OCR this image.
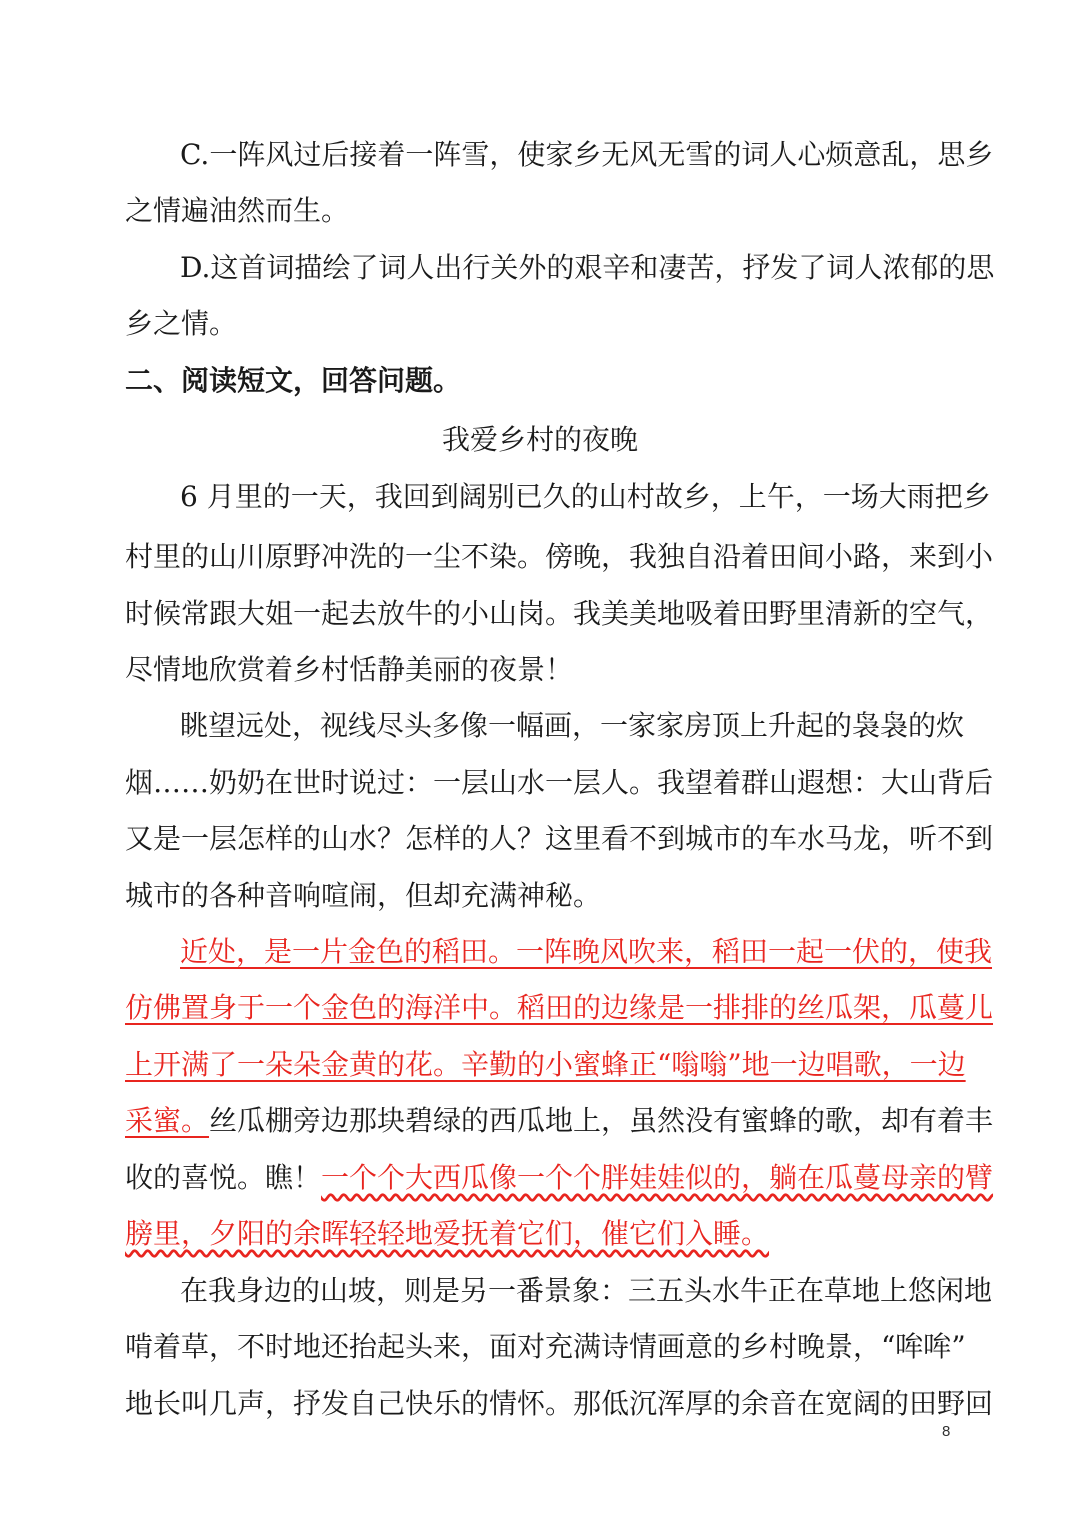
C.一阵风过后接着一阵雪，使家乡无风无雪的词人心烦意乱，思乡
之情遍油然而生。
D.这首词描绘了词人出行关外的艰辛和凄苦，抒发了词人浓郁的思
乡之情。
二、阅读短文，回答问题。
我爱乡村的夜晚
6 月里的一天，我回到阔别已久的山村故乡，上午，一场大雨把乡
村里的山川原野冲洗的一尘不染。傍晚，我独自沿着田间小路，来到小
时候常跟大姐一起去放牛的小山岗。我美美地吸着田野里清新的空气，
尽情地欣赏着乡村恬静美丽的夜景！
眺望远处，视线尽头多像一幅画，一家家房顶上升起的袅袅的炊
烟……奶奶在世时说过：一层山水一层人。我望着群山遐想：大山背后
又是一层怎样的山水？怎样的人？这里看不到城市的车水马龙，听不到
城市的各种音响喧闹，但却充满神秘。
近处，是一片金色的稻田。一阵晚风吹来，稻田一起一伏的，使我
仿佛置身于一个金色的海洋中。稻田的边缘是一排排的丝瓜架，瓜蔓儿
上开满了一朵朵金黄的花。辛勤的小蜜蜂正“嗡嗡”地一边唱歌，一边
采蜜。丝瓜棚旁边那块碧绿的西瓜地上，虽然没有蜜蜂的歌，却有着丰
收的喜悦。瞧！一个个大西瓜像一个个胖娃娃似的，躺在瓜蔓母亲的臂
膀里，夕阳的余晖轻轻地爱抚着它们，催它们入睡。
在我身边的山坡，则是另一番景象：三五头水牛正在草地上悠闲地
啃着草，不时地还抬起头来，面对充满诗情画意的乡村晚景，“哞哞”
地长叫几声，抒发自己快乐的情怀。那低沉浑厚的余音在宽阔的田野回
8
